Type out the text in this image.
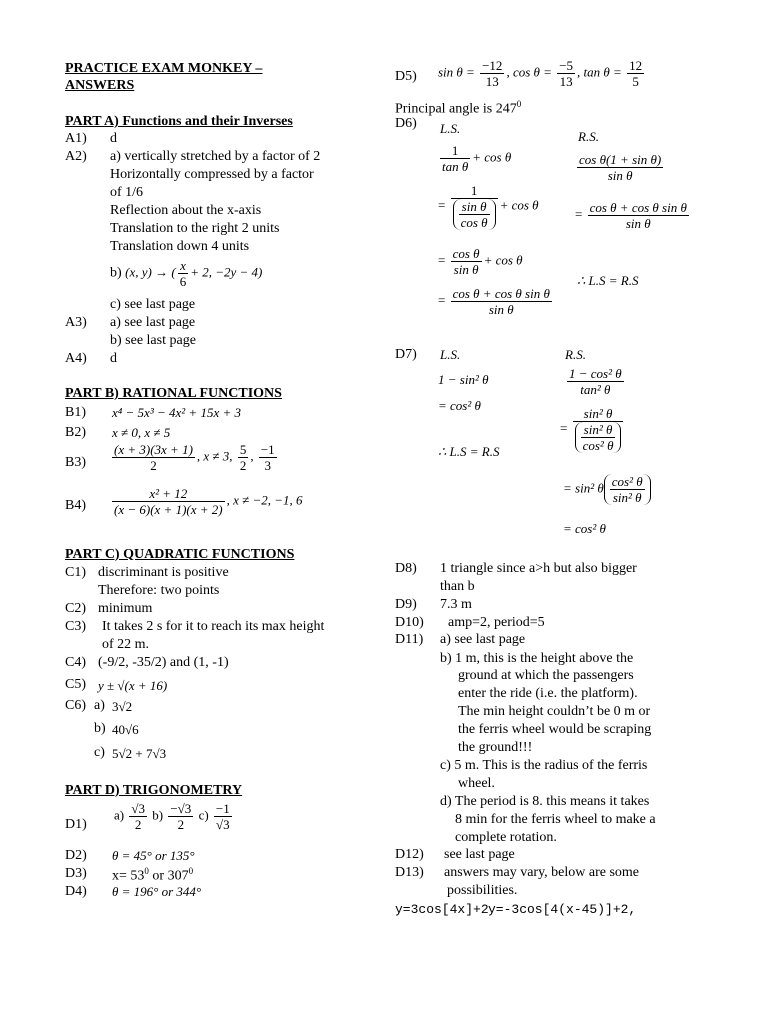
PRACTICE EXAM MONKEY –
ANSWERS
PART A) Functions and their Inverses
A1) d
A2) a) vertically stretched by a factor of 2
Horizontally compressed by a factor
of 1/6
Reflection about the x-axis
Translation to the right 2 units
Translation down 4 units
b) (x, y) → ( $\frac{x}{6} + 2$, −2y − 4)
c) see last page
A3) a) see last page
b) see last page
A4) d
PART B) RATIONAL FUNCTIONS
B1) x⁴ − 5x³ − 4x² + 15x + 3
B2) x ≠ 0, x ≠ 5
$B3) \frac{(x + 3)(3x + 1)}{2}$ , x ≠ 3, $\frac{5}{2}$ , $\frac{-1}{3}$
$B4) \frac{\text{x² + 12}}{(x - 6)(x + 1)(x + 2)}$ , x ≠ −2, −1, 6
PART C) QUADRATIC FUNCTIONS
C1) discriminant is positive
Therefore: two points
C2) minimum
C3) It takes 2 s for it to reach its max height
of 22 m.
C4) (-9/2, -35/2) and (1, -1)
C5) y ± √(x + 16)
C6) a) 3√2
b) 40√6
c) 5√2 + 7√3
PART D) TRIGONOMETRY
D1)
$a) \frac{√3}{2} b) \frac{-√3}{2} c) \frac{-1}{√3}$
D2) θ = 45° or 135°
D3) $x= 53^0$ or $307^0$
D4) θ = 196° or 344°
D5) $\sin \theta = \frac{-12}{13}$ , $\cos \theta = \frac{-5}{13}$ , $\tan \theta = \frac{12}{5}$
Principal angle is $247^0$
D6) L.S.
R.S.
$\frac{1}{\text{tan θ}} + \cos \theta$
= $\frac{1}{\frac{\text{sin θ}}{\text{cos θ}}} + \cos \theta$
= $\frac{\text{cos θ}}{\text{sin θ}} + \cos \theta$
= $\frac{\text{cos θ + cos θ sin θ}}{\text{sin θ}}$
$\frac{\text{cos θ(1 + sin θ)}}{\text{sin θ}}$
= $\frac{\text{cos θ + cos θ sin θ}}{\text{sin θ}}$
∴ L.S = R.S
D7) L.S.	R.S.
1 − sin² θ
= cos² θ
∴ L.S = R.S
$\frac{\text{1 − cos² θ}}{\text{tan² θ}}$
= $\frac{\text{sin² θ}}{\frac{\text{sin² θ}}{\text{cos² θ}}}$
= sin² θ $\frac{\text{cos² θ}}{\text{sin² θ}}$
= cos² θ
D8) 1 triangle since a>h but also bigger
than b
D9) 7.3 m
D10) amp=2, period=5
D11) a) see last page
b) 1 m, this is the height above the
ground at which the passengers
enter the ride (i.e. the platform).
The min height couldn’t be 0 m or
the ferris wheel would be scraping
the ground!!!
c) 5 m. This is the radius of the ferris
wheel.
d) The period is 8. this means it takes
8 min for the ferris wheel to make a
complete rotation.
D12) see last page
D13) answers may vary, below are some
possibilities.
y=3cos[4x]+2 y=-3cos[4(x-45)]+2,
